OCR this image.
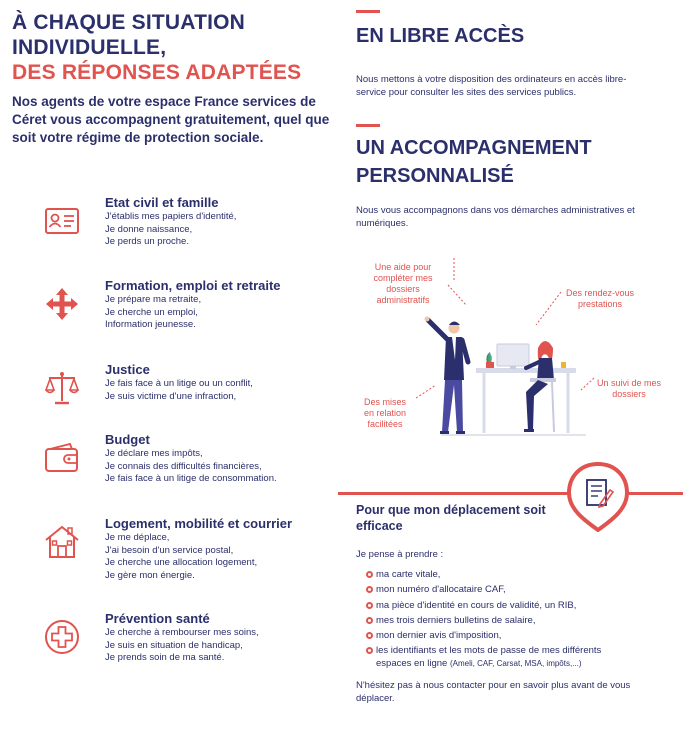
À CHAQUE SITUATION
INDIVIDUELLE,
DES RÉPONSES ADAPTÉES
Nos agents de votre espace France services de Céret vous accompagnent gratuitement, quel que soit votre régime de protection sociale.
Etat civil et famille
J'établis mes papiers d'identité,
Je donne naissance,
Je perds un proche.
Formation, emploi et retraite
Je prépare ma retraite,
Je cherche un emploi,
Information jeunesse.
Justice
Je fais face à un litige ou un conflit,
Je suis victime d'une infraction,
Budget
Je déclare mes impôts,
Je connais des difficultés financières,
Je fais face à un litige de consommation.
Logement, mobilité et courrier
Je me déplace,
J'ai besoin d'un service postal,
Je cherche une allocation logement,
Je gère mon énergie.
Prévention santé
Je cherche à rembourser mes soins,
Je suis en situation de handicap,
Je prends soin de ma santé.
EN LIBRE ACCÈS
Nous mettons à votre disposition des ordinateurs en accès libre-service pour consulter les sites des services publics.
UN ACCOMPAGNEMENT
PERSONNALISÉ
Nous vous accompagnons dans vos démarches administratives et numériques.
Une aide pour compléter mes dossiers administratifs
Des rendez-vous prestations
Un suivi de mes dossiers
Des mises en relation facilitées
Pour que mon déplacement soit efficace
Je pense à prendre :
ma carte vitale,
mon numéro d'allocataire CAF,
ma pièce d'identité en cours de validité, un RIB,
mes trois derniers bulletins de salaire,
mon dernier avis d'imposition,
les identifiants et les mots de passe de mes différents
espaces en ligne (Ameli, CAF, Carsat, MSA, impôts,...)
N'hésitez pas à nous contacter pour en savoir plus avant de vous déplacer.
